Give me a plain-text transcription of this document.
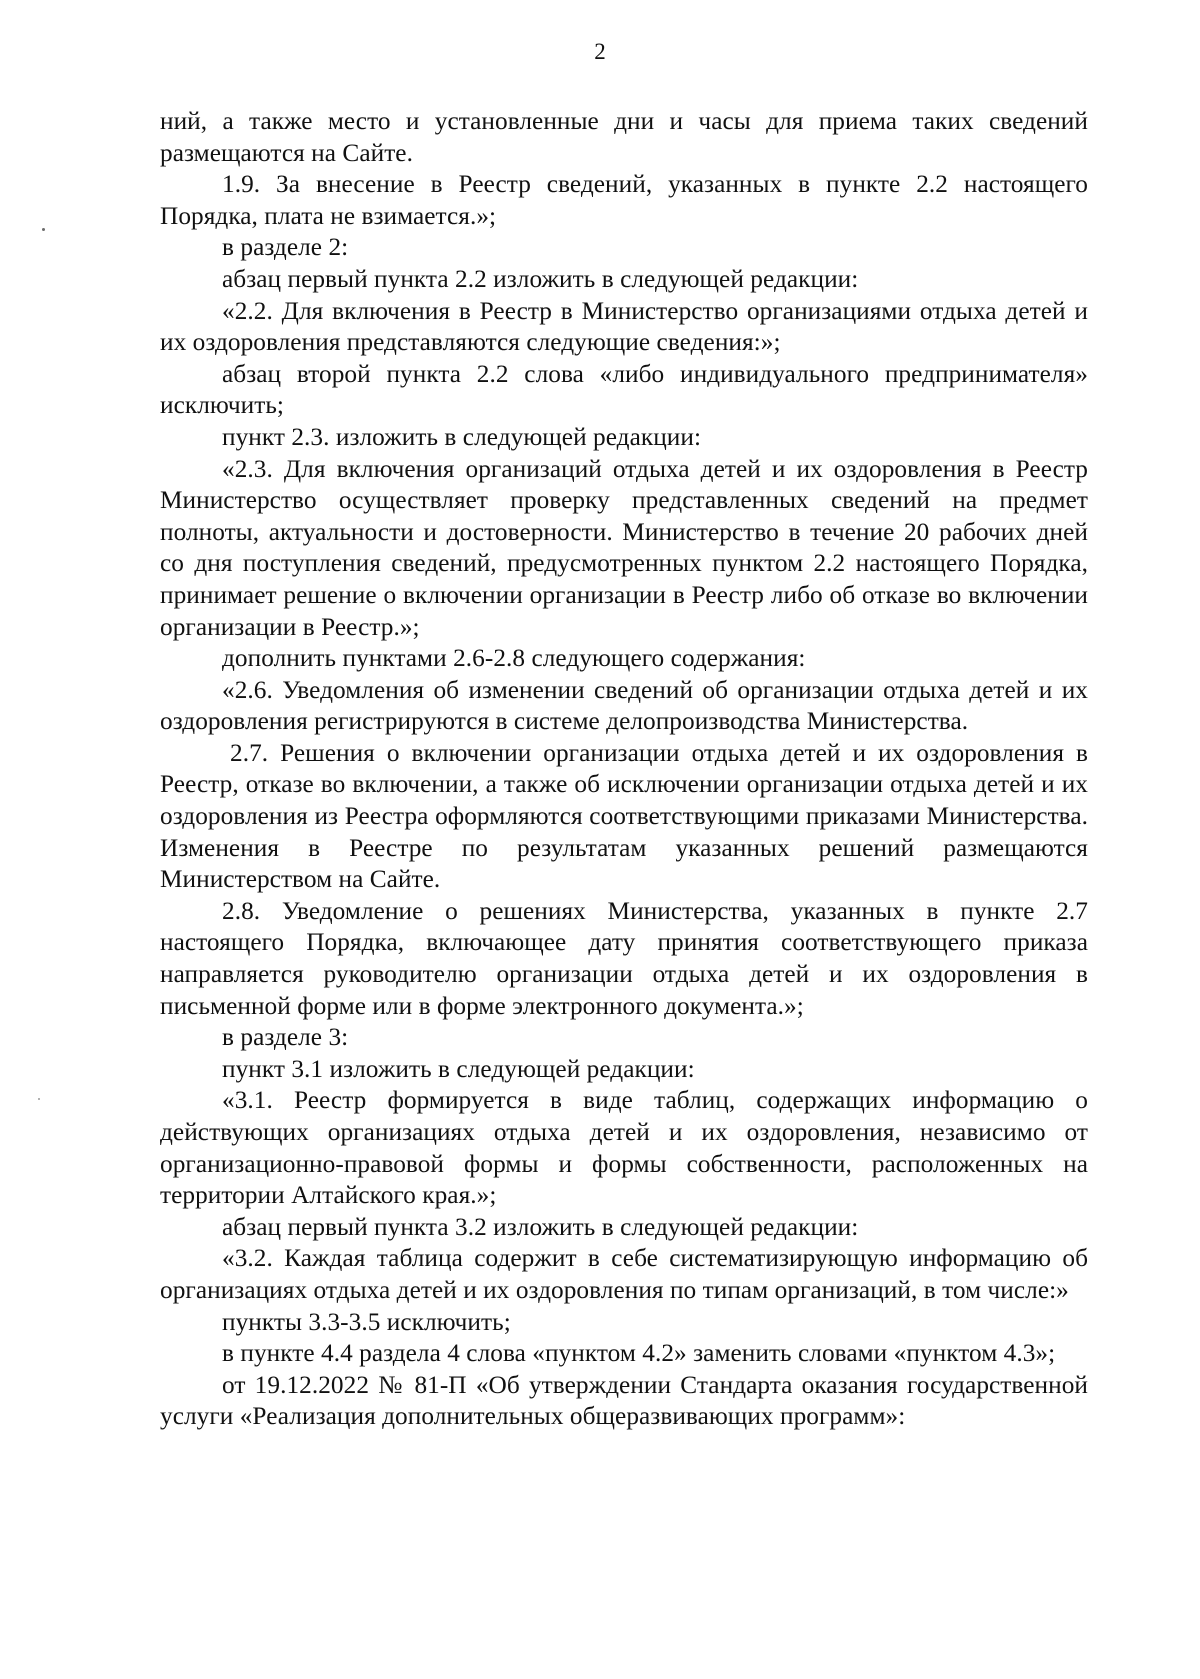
2

ний, а также место и установленные дни и часы для приема таких сведений размещаются на Сайте.

1.9. За внесение в Реестр сведений, указанных в пункте 2.2 настоящего Порядка, плата не взимается.»;

в разделе 2:

абзац первый пункта 2.2 изложить в следующей редакции:

«2.2. Для включения в Реестр в Министерство организациями отдыха детей и их оздоровления представляются следующие сведения:»;

абзац второй пункта 2.2 слова «либо индивидуального предпринимателя» исключить;

пункт 2.3. изложить в следующей редакции:

«2.3. Для включения организаций отдыха детей и их оздоровления в Реестр Министерство осуществляет проверку представленных сведений на предмет полноты, актуальности и достоверности. Министерство в течение 20 рабочих дней со дня поступления сведений, предусмотренных пунктом 2.2 настоящего Порядка, принимает решение о включении организации в Реестр либо об отказе во включении организации в Реестр.»;

дополнить пунктами 2.6-2.8 следующего содержания:

«2.6. Уведомления об изменении сведений об организации отдыха детей и их оздоровления регистрируются в системе делопроизводства Министерства.

2.7. Решения о включении организации отдыха детей и их оздоровления в Реестр, отказе во включении, а также об исключении организации отдыха детей и их оздоровления из Реестра оформляются соответствующими приказами Министерства. Изменения в Реестре по результатам указанных решений размещаются Министерством на Сайте.

2.8. Уведомление о решениях Министерства, указанных в пункте 2.7 настоящего Порядка, включающее дату принятия соответствующего приказа направляется руководителю организации отдыха детей и их оздоровления в письменной форме или в форме электронного документа.»;

в разделе 3:

пункт 3.1 изложить в следующей редакции:

«3.1. Реестр формируется в виде таблиц, содержащих информацию о действующих организациях отдыха детей и их оздоровления, независимо от организационно-правовой формы и формы собственности, расположенных на территории Алтайского края.»;

абзац первый пункта 3.2 изложить в следующей редакции:

«3.2. Каждая таблица содержит в себе систематизирующую информацию об организациях отдыха детей и их оздоровления по типам организаций, в том числе:»

пункты 3.3-3.5 исключить;

в пункте 4.4 раздела 4 слова «пунктом 4.2» заменить словами «пунктом 4.3»;

от 19.12.2022 № 81-П «Об утверждении Стандарта оказания государственной услуги «Реализация дополнительных общеразвивающих программ»:
